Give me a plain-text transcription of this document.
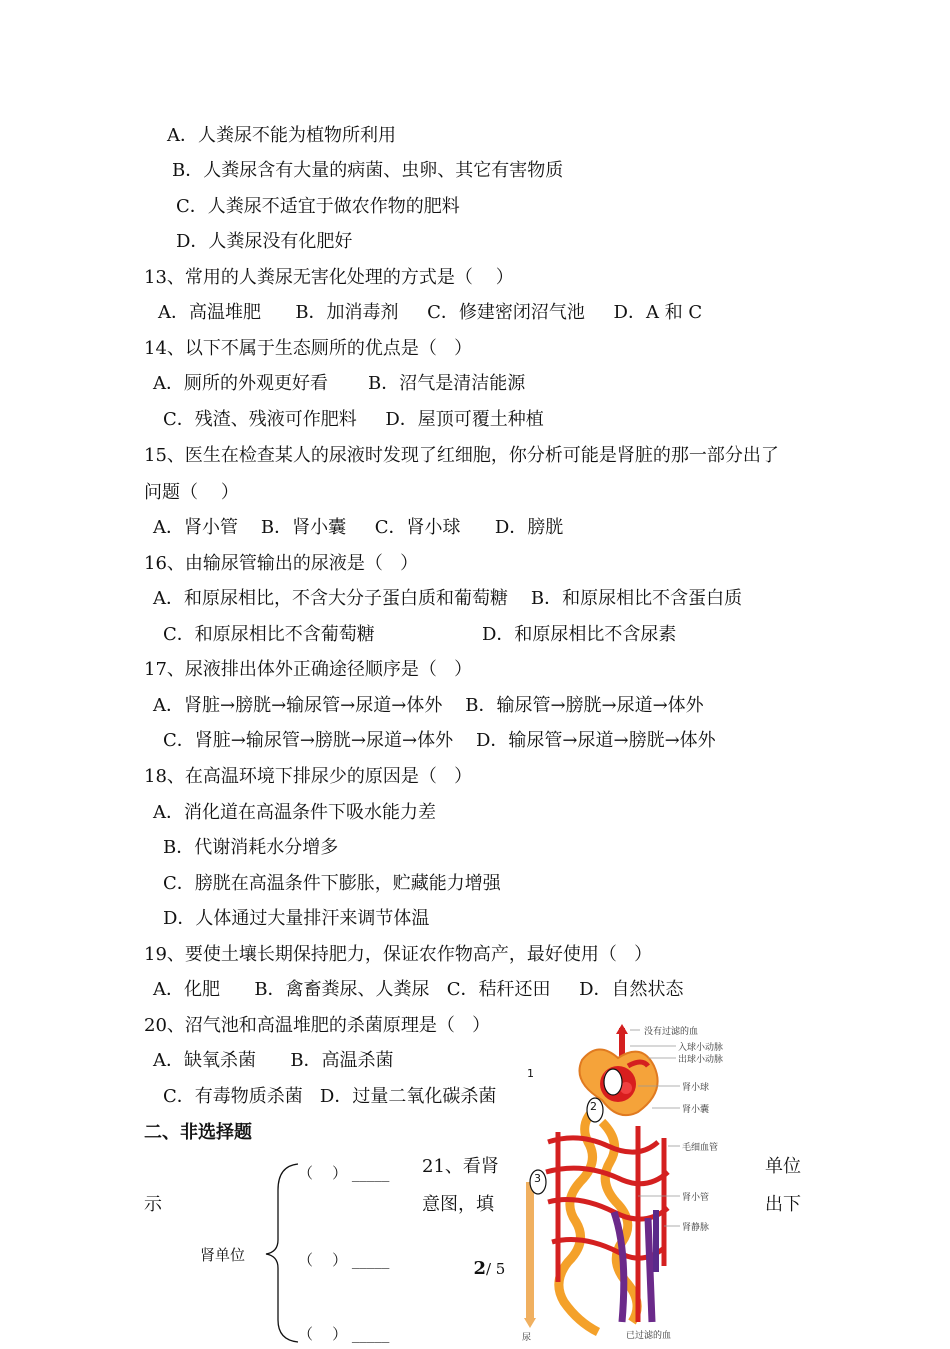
A．人粪尿不能为植物所利用
B．人粪尿含有大量的病菌、虫卵、其它有害物质
C．人粪尿不适宜于做农作物的肥料
D．人粪尿没有化肥好
13、常用的人粪尿无害化处理的方式是（    ）
A．高温堆肥      B．加消毒剂     C．修建密闭沼气池     D．A 和 C
14、以下不属于生态厕所的优点是（   ）
A．厕所的外观更好看       B．沼气是清洁能源
C．残渣、残液可作肥料     D．屋顶可覆土种植
15、医生在检查某人的尿液时发现了红细胞，你分析可能是肾脏的那一部分出了
问题（    ）
A．肾小管    B．肾小囊     C．肾小球      D．膀胱
16、由输尿管输出的尿液是（   ）
A．和原尿相比，不含大分子蛋白质和葡萄糖    B．和原尿相比不含蛋白质
C．和原尿相比不含葡萄糖	D．和原尿相比不含尿素
17、尿液排出体外正确途径顺序是（   ）
A．肾脏→膀胱→输尿管→尿道→体外    B．输尿管→膀胱→尿道→体外
C．肾脏→输尿管→膀胱→尿道→体外    D．输尿管→尿道→膀胱→体外
18、在高温环境下排尿少的原因是（   ）
A．消化道在高温条件下吸水能力差
B．代谢消耗水分增多
C．膀胱在高温条件下膨胀，贮藏能力增强
D．人体通过大量排汗来调节体温
19、要使土壤长期保持肥力，保证农作物高产，最好使用（   ）
A．化肥      B．禽畜粪尿、人粪尿   C．秸秆还田     D．自然状态
20、沼气池和高温堆肥的杀菌原理是（   ）
A．缺氧杀菌      B．高温杀菌
C．有毒物质杀菌   D．过量二氧化碳杀菌
二、非选择题
21、看肾	单位
示	意图，填	出下

2/ 5

肾单位
（    ） _____
（    ） _____
（    ） _____
1
2
3
没有过滤的血
入球小动脉
出球小动脉
肾小球
肾小囊
毛细血管
肾小管
肾静脉
尿	已过滤的血
